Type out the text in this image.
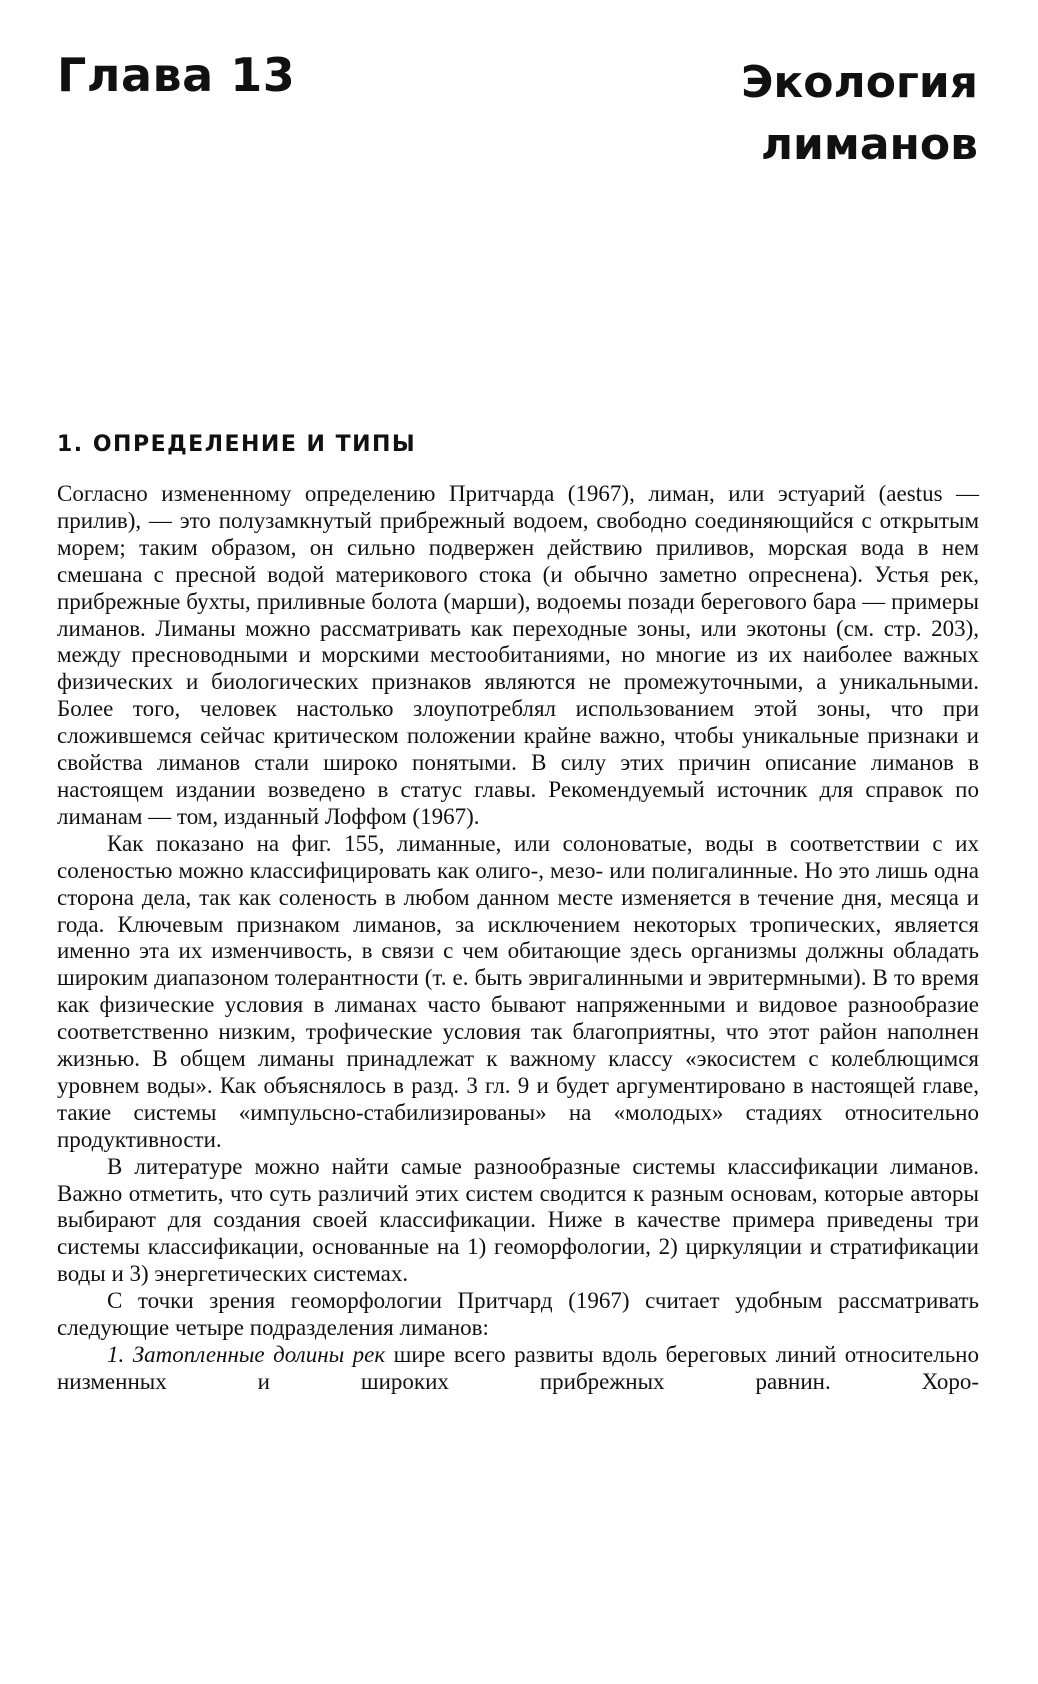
Глава 13	Экология
лиманов
1. ОПРЕДЕЛЕНИЕ И ТИПЫ

Согласно измененному определению Притчарда (1967), лиман, или эстуарий (aestus — прилив), — это полузамкнутый прибрежный водоем, свободно соединяющийся с открытым морем; таким образом, он сильно подвержен действию приливов, морская вода в нем смешана с пресной водой материкового стока (и обычно заметно опреснена). Устья рек, прибрежные бухты, приливные болота (марши), водоемы позади берегового бара — примеры лиманов. Лиманы можно рассматривать как переходные зоны, или экотоны (см. стр. 203), между пресноводными и морскими местообитаниями, но многие из их наиболее важных физических и биологических признаков являются не промежуточными, а уникальными. Более того, человек настолько злоупотреблял использованием этой зоны, что при сложившемся сейчас критическом положении крайне важно, чтобы уникальные признаки и свойства лиманов стали широко понятыми. В силу этих причин описание лиманов в настоящем издании возведено в статус главы. Рекомендуемый источник для справок по лиманам — том, изданный Лоффом (1967).

Как показано на фиг. 155, лиманные, или солоноватые, воды в соответствии с их соленостью можно классифицировать как олиго-, мезо- или полигалинные. Но это лишь одна сторона дела, так как соленость в любом данном месте изменяется в течение дня, месяца и года. Ключевым признаком лиманов, за исключением некоторых тропических, является именно эта их изменчивость, в связи с чем обитающие здесь организмы должны обладать широким диапазоном толерантности (т. е. быть эвригалинными и эвритермными). В то время как физические условия в лиманах часто бывают напряженными и видовое разнообразие соответственно низким, трофические условия так благоприятны, что этот район наполнен жизнью. В общем лиманы принадлежат к важному классу «экосистем с колеблющимся уровнем воды». Как объяснялось в разд. 3 гл. 9 и будет аргументировано в настоящей главе, такие системы «импульсно-стабилизированы» на «молодых» стадиях относительно продуктивности.

В литературе можно найти самые разнообразные системы классификации лиманов. Важно отметить, что суть различий этих систем сводится к разным основам, которые авторы выбирают для создания своей классификации. Ниже в качестве примера приведены три системы классификации, основанные на 1) геоморфологии, 2) циркуляции и стратификации воды и 3) энергетических системах.

С точки зрения геоморфологии Притчард (1967) считает удобным рассматривать следующие четыре подразделения лиманов:

1. Затопленные долины рек шире всего развиты вдоль береговых линий относительно низменных и широких прибрежных равнин. Хоро-
